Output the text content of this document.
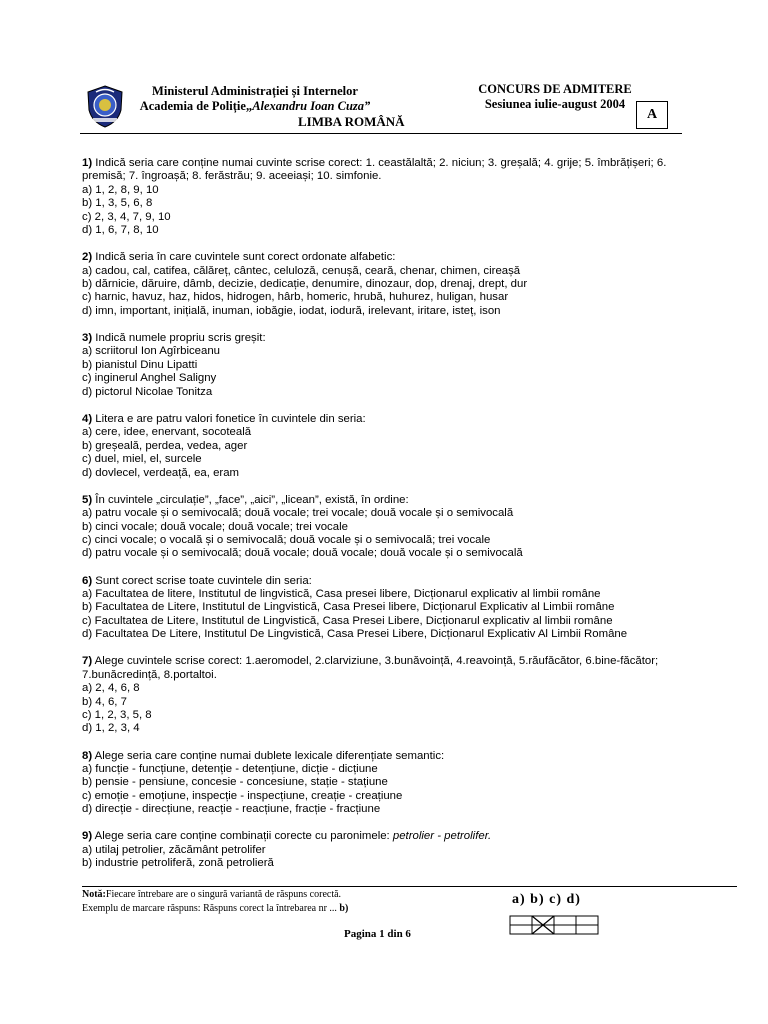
Ministerul Administrației și Internelor
Academia de Poliție„Alexandru Ioan Cuza”
CONCURS DE ADMITERE
Sesiunea iulie-august 2004
LIMBA ROMÂNĂ	A
1) Indică seria care conține numai cuvinte scrise corect: 1. ceastălaltă; 2. niciun; 3. greșală; 4. grije; 5. îmbrățișeri; 6. premisă; 7. îngroașă; 8. ferăstrău; 9. aceeiași; 10. simfonie.
a) 1, 2, 8, 9, 10
b) 1, 3, 5, 6, 8
c) 2, 3, 4, 7, 9, 10
d) 1, 6, 7, 8, 10
2) Indică seria în care cuvintele sunt corect ordonate alfabetic:
a) cadou, cal, catifea, călăreț, cântec, celuloză, cenușă, ceară, chenar, chimen, cireașă
b) dărnicie, dăruire, dâmb, decizie, dedicație, denumire, dinozaur, dop, drenaj, drept, dur
c) harnic, havuz, haz, hidos, hidrogen, hârb, homeric, hrubă, huhurez, huligan, husar
d) imn, important, inițială, inuman, iobăgie, iodat, iodură, irelevant, iritare, isteț, ison
3) Indică numele propriu scris greșit:
a) scriitorul Ion Agîrbiceanu
b) pianistul Dinu Lipatti
c) inginerul Anghel Saligny
d) pictorul Nicolae Tonitza
4) Litera e are patru valori fonetice în cuvintele din seria:
a) cere, idee, enervant, socoteală
b) greșeală, perdea, vedea, ager
c) duel, miel, el, surcele
d) dovlecel, verdeață, ea, eram
5) În cuvintele „circulație”, „face”, „aici”, „licean”, există, în ordine:
a) patru vocale și o semivocală; două vocale; trei vocale; două vocale și o semivocală
b) cinci vocale; două vocale; două vocale; trei vocale
c) cinci vocale; o vocală și o semivocală; două vocale și o semivocală; trei vocale
d) patru vocale și o semivocală; două vocale; două vocale; două vocale și o semivocală
6) Sunt corect scrise toate cuvintele din seria:
a) Facultatea de litere, Institutul de lingvistică, Casa presei libere, Dicționarul explicativ al limbii române
b) Facultatea de Litere, Institutul de Lingvistică, Casa Presei libere, Dicționarul Explicativ al Limbii române
c) Facultatea de Litere, Institutul de Lingvistică, Casa Presei Libere, Dicționarul explicativ al limbii române
d) Facultatea De Litere, Institutul De Lingvistică, Casa Presei Libere, Dicționarul Explicativ Al Limbii Române
7) Alege cuvintele scrise corect: 1.aeromodel, 2.clarviziune, 3.bunăvoință, 4.reavoință, 5.răufăcător, 6.bine-făcător; 7.bunăcredință, 8.portaltoi.
a) 2, 4, 6, 8
b) 4, 6, 7
c) 1, 2, 3, 5, 8
d) 1, 2, 3, 4
8) Alege seria care conține numai dublete lexicale diferențiate semantic:
a) funcție - funcțiune, detenție - detențiune, dicție - dicțiune
b) pensie - pensiune, concesie - concesiune, stație - stațiune
c) emoție - emoțiune, inspecție - inspecțiune, creație - creațiune
d) direcție - direcțiune, reacție - reacțiune, fracție - fracțiune
9) Alege seria care conține combinații corecte cu paronimele: petrolier - petrolifer.
a) utilaj petrolier, zăcământ petrolifer
b) industrie petroliferă, zonă petrolieră
Notă:Fiecare întrebare are o singură variantă de răspuns corectă.
Exemplu de marcare răspuns: Răspuns corect la întrebarea nr ... b)
a) b) c) d)
Pagina 1 din 6
